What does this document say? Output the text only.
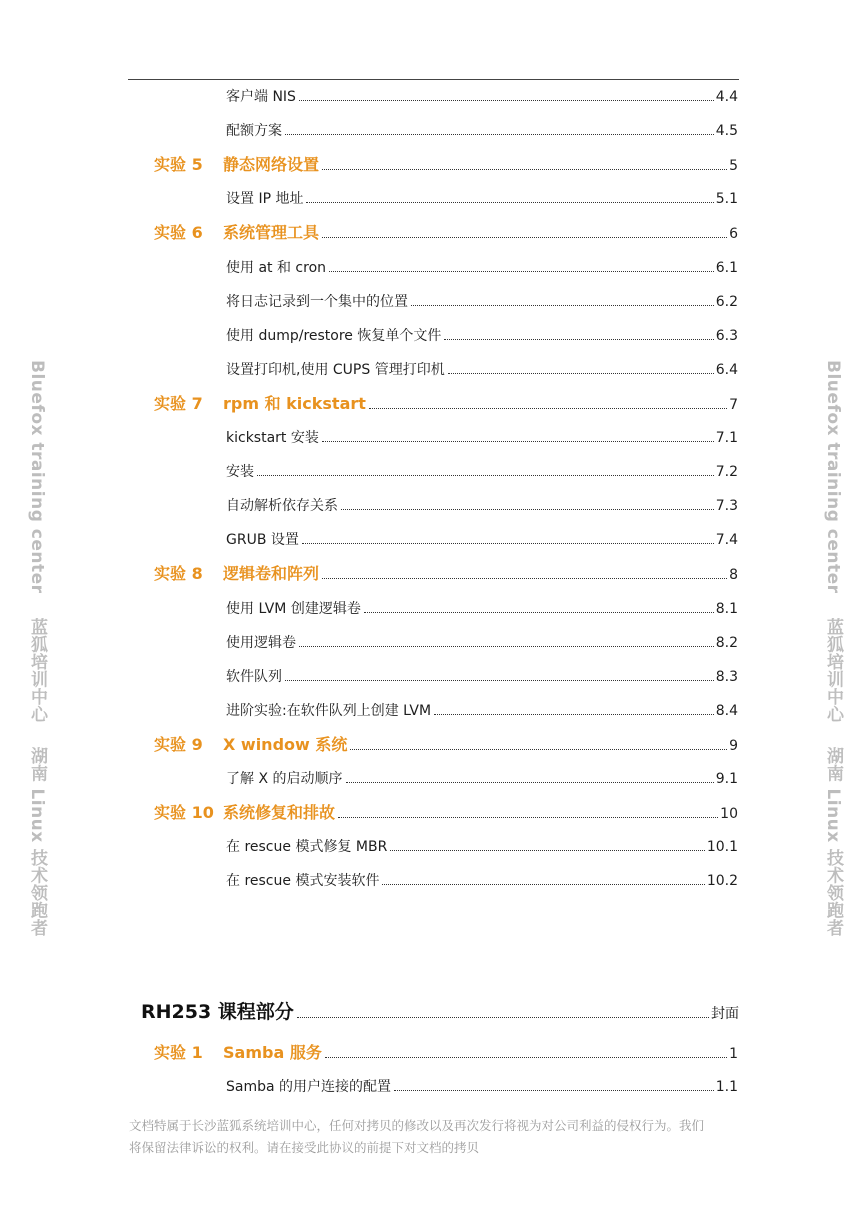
客户端 NIS	4.4
配额方案	4.5
实验 5	静态网络设置	5
设置 IP 地址	5.1
实验 6	系统管理工具	6
使用 at 和 cron	6.1
将日志记录到一个集中的位置	6.2
使用 dump/restore 恢复单个文件	6.3
设置打印机,使用 CUPS 管理打印机	6.4
实验 7	rpm 和 kickstart	7
kickstart 安装	7.1
安装	7.2
自动解析依存关系	7.3
GRUB 设置	7.4
实验 8	逻辑卷和阵列	8
使用 LVM 创建逻辑卷	8.1
使用逻辑卷	8.2
软件队列	8.3
进阶实验:在软件队列上创建 LVM	8.4
实验 9	X window 系统	9
了解 X 的启动顺序	9.1
实验 10 系统修复和排故	10
在 rescue 模式修复 MBR	10.1
在 rescue 模式安装软件	10.2
RH253 课程部分	封面
实验 1	Samba 服务	1
Samba 的用户连接的配置	1.1
Bluefox training center 蓝狐培训中心 湖南 Linux 技术领跑者
Bluefox training center 蓝狐培训中心 湖南 Linux 技术领跑者
文档特属于长沙蓝狐系统培训中心，任何对拷贝的修改以及再次发行将视为对公司利益的侵权行为。我们
将保留法律诉讼的权利。请在接受此协议的前提下对文档的拷贝
